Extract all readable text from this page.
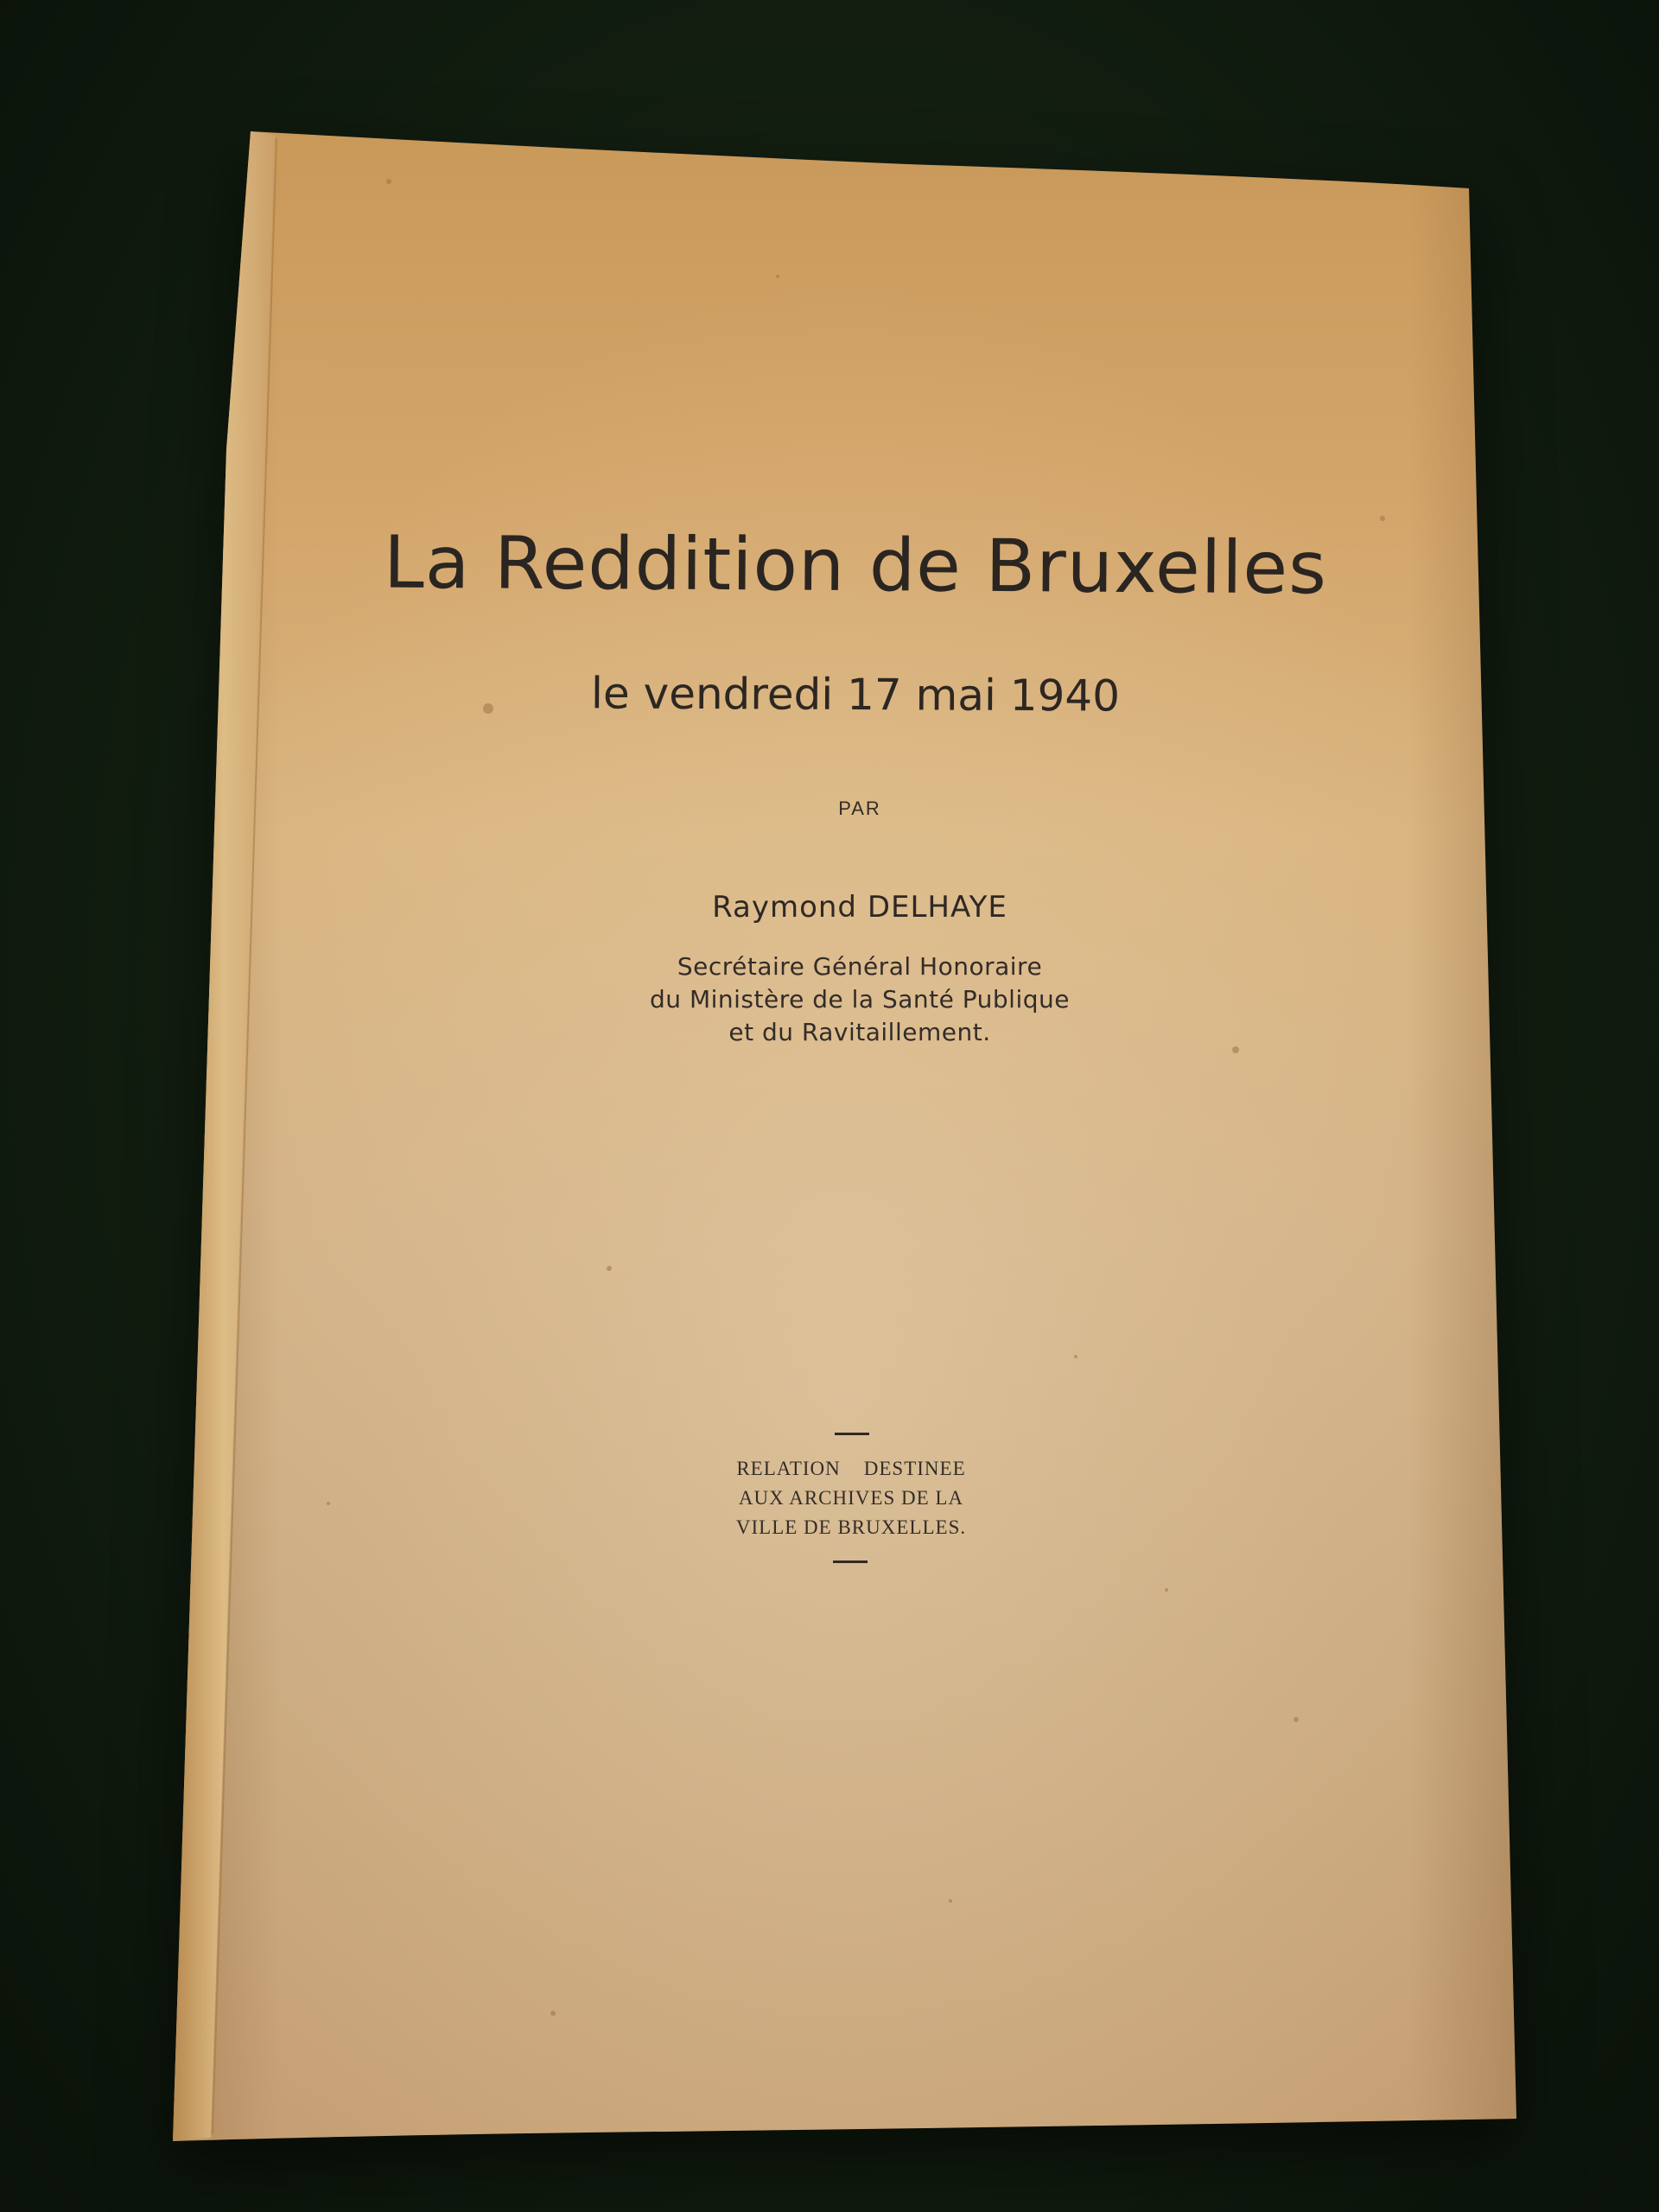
La Reddition de Bruxelles
le vendredi 17 mai 1940
PAR
Raymond DELHAYE
Secrétaire Général Honoraire
du Ministère de la Santé Publique
et du Ravitaillement.
RELATION    DESTINEE
AUX ARCHIVES DE LA
VILLE DE BRUXELLES.
